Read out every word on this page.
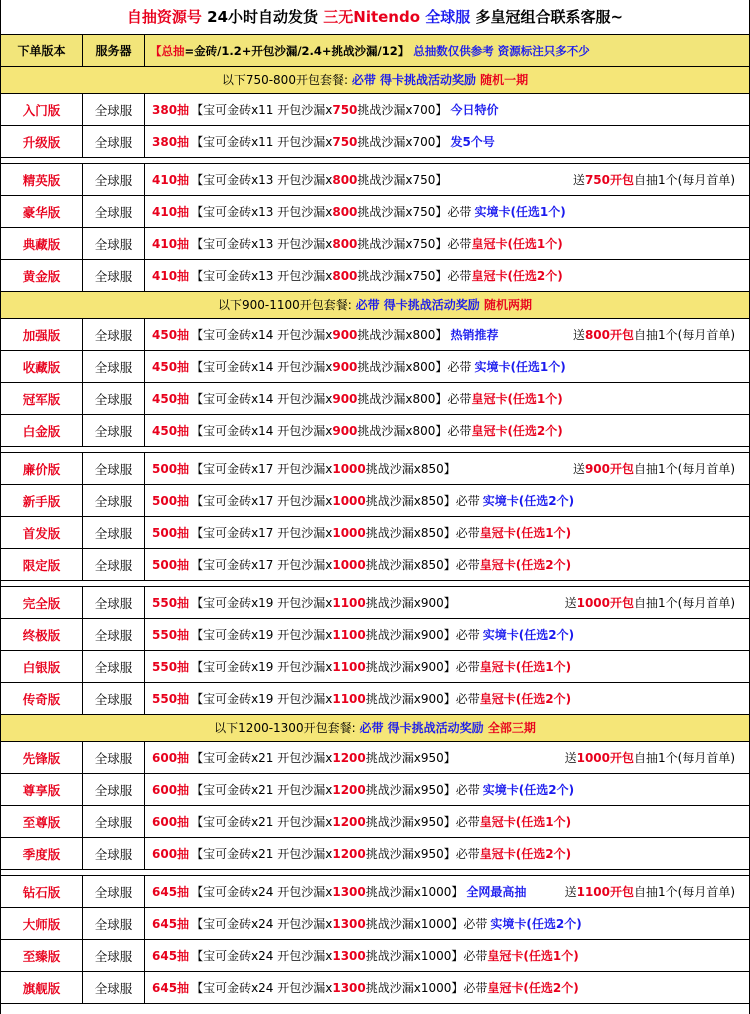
自抽资源号 24小时自动发货 三无Nitendo 全球服 多皇冠组合联系客服~
下单版本	服务器	【总抽 =金砖/1.2+开包沙漏/2.4+挑战沙漏/12】
总抽数仅供参考 资源标注只多不少
以下750-800开包套餐: 必带 得卡挑战活动奖励 随机一期
入门版	全球服	380抽 【宝可金砖x11 开包沙漏x 750 挑战沙漏x700】 今日特价
升级版	全球服	380抽 【宝可金砖x11 开包沙漏x 750 挑战沙漏x700】 发5个号
精英版	全球服	410抽 【宝可金砖x13 开包沙漏x 800 挑战沙漏x750】	送 750开包 自抽1个(每月首单)
豪华版	全球服	410抽 【宝可金砖x13 开包沙漏x 800 挑战沙漏x750】必带 实境卡(任选1个)
典藏版	全球服	410抽 【宝可金砖x13 开包沙漏x 800 挑战沙漏x750】必带 皇冠卡(任选1个)
黄金版	全球服	410抽 【宝可金砖x13 开包沙漏x 800 挑战沙漏x750】必带 皇冠卡(任选2个)
以下900-1100开包套餐: 必带 得卡挑战活动奖励 随机两期
加强版	全球服	450抽 【宝可金砖x14 开包沙漏x 900 挑战沙漏x800】 热销推荐	送 800开包 自抽1个(每月首单)
收藏版	全球服	450抽 【宝可金砖x14 开包沙漏x 900 挑战沙漏x800】必带 实境卡(任选1个)
冠军版	全球服	450抽 【宝可金砖x14 开包沙漏x 900 挑战沙漏x800】必带 皇冠卡(任选1个)
白金版	全球服	450抽 【宝可金砖x14 开包沙漏x 900 挑战沙漏x800】必带 皇冠卡(任选2个)
廉价版	全球服	500抽 【宝可金砖x17 开包沙漏x 1000 挑战沙漏x850】	送 900开包 自抽1个(每月首单)
新手版	全球服	500抽 【宝可金砖x17 开包沙漏x 1000 挑战沙漏x850】必带 实境卡(任选2个)
首发版	全球服	500抽 【宝可金砖x17 开包沙漏x 1000 挑战沙漏x850】必带 皇冠卡(任选1个)
限定版	全球服	500抽 【宝可金砖x17 开包沙漏x 1000 挑战沙漏x850】必带 皇冠卡(任选2个)
完全版	全球服	550抽 【宝可金砖x19 开包沙漏x 1100 挑战沙漏x900】	送 1000开包 自抽1个(每月首单)
终极版	全球服	550抽 【宝可金砖x19 开包沙漏x 1100 挑战沙漏x900】必带 实境卡(任选2个)
白银版	全球服	550抽 【宝可金砖x19 开包沙漏x 1100 挑战沙漏x900】必带 皇冠卡(任选1个)
传奇版	全球服	550抽 【宝可金砖x19 开包沙漏x 1100 挑战沙漏x900】必带 皇冠卡(任选2个)
以下1200-1300开包套餐: 必带 得卡挑战活动奖励 全部三期
先锋版	全球服	600抽 【宝可金砖x21 开包沙漏x 1200 挑战沙漏x950】	送 1000开包 自抽1个(每月首单)
尊享版	全球服	600抽 【宝可金砖x21 开包沙漏x 1200 挑战沙漏x950】必带 实境卡(任选2个)
至尊版	全球服	600抽 【宝可金砖x21 开包沙漏x 1200 挑战沙漏x950】必带 皇冠卡(任选1个)
季度版	全球服	600抽 【宝可金砖x21 开包沙漏x 1200 挑战沙漏x950】必带 皇冠卡(任选2个)
钻石版	全球服	645抽 【宝可金砖x24 开包沙漏x 1300 挑战沙漏x1000】 全网最高抽	送 1100开包 自抽1个(每月首单)
大师版	全球服	645抽 【宝可金砖x24 开包沙漏x 1300 挑战沙漏x1000】必带 实境卡(任选2个)
至臻版	全球服	645抽 【宝可金砖x24 开包沙漏x 1300 挑战沙漏x1000】必带 皇冠卡(任选1个)
旗舰版	全球服	645抽 【宝可金砖x24 开包沙漏x 1300 挑战沙漏x1000】必带 皇冠卡(任选2个)
